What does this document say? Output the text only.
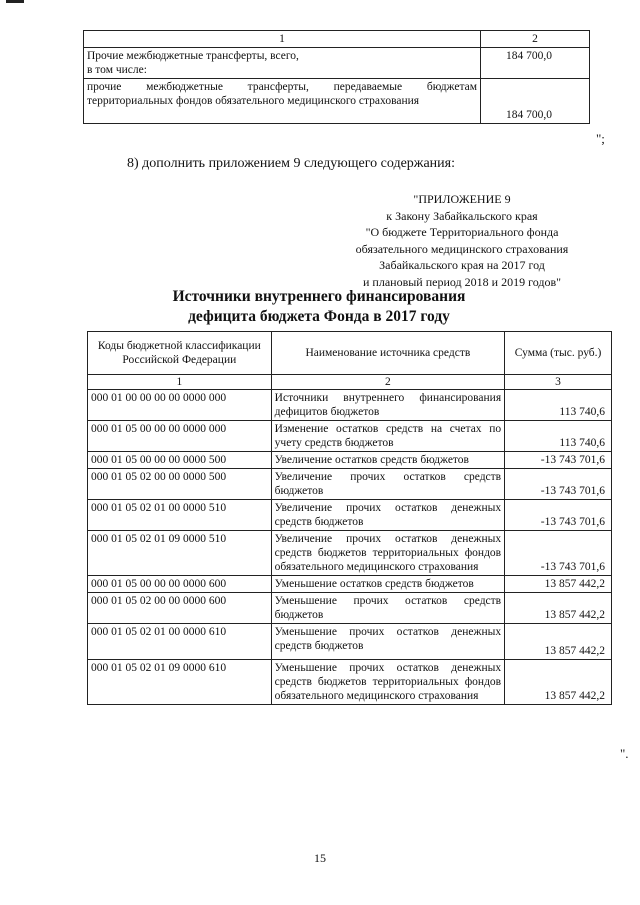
1	2
Прочие межбюджетные трансферты, всего,
в том числе:	184 700,0
прочие межбюджетные трансферты, передаваемые бюджетам территориальных фондов обязательного медицинского страхования	184 700,0
";
8) дополнить приложением 9 следующего содержания:
"ПРИЛОЖЕНИЕ 9
к Закону Забайкальского края
"О бюджете Территориального фонда
обязательного медицинского страхования
Забайкальского края на 2017 год
и плановый период 2018 и 2019 годов"
Источники внутреннего финансирования
дефицита бюджета Фонда в 2017 году
Коды бюджетной классификации Российской Федерации	Наименование источника средств	Сумма (тыс. руб.)
1	2	3
000 01 00 00 00 00 0000 000	Источники внутреннего финансирования дефицитов бюджетов	113 740,6
000 01 05 00 00 00 0000 000	Изменение остатков средств на счетах по учету средств бюджетов	113 740,6
000 01 05 00 00 00 0000 500	Увеличение остатков средств бюджетов	-13 743 701,6
000 01 05 02 00 00 0000 500	Увеличение прочих остатков средств бюджетов	-13 743 701,6
000 01 05 02 01 00 0000 510	Увеличение прочих остатков денежных средств бюджетов	-13 743 701,6
000 01 05 02 01 09 0000 510	Увеличение прочих остатков денежных средств бюджетов территориальных фондов обязательного медицинского страхования	-13 743 701,6
000 01 05 00 00 00 0000 600	Уменьшение остатков средств бюджетов	13 857 442,2
000 01 05 02 00 00 0000 600	Уменьшение прочих остатков средств бюджетов	13 857 442,2
000 01 05 02 01 00 0000 610	Уменьшение прочих остатков денежных средств бюджетов	13 857 442,2
000 01 05 02 01 09 0000 610	Уменьшение прочих остатков денежных средств бюджетов территориальных фондов обязательного медицинского страхования	13 857 442,2
".
15
